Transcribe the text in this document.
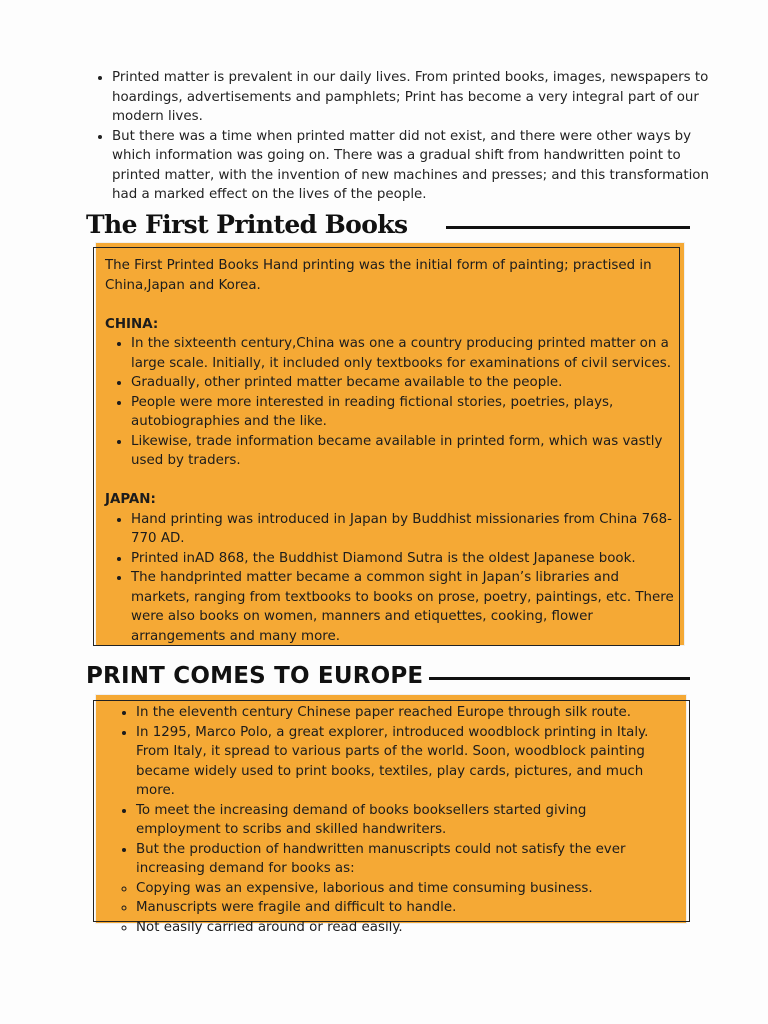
• Printed matter is prevalent in our daily lives. From printed books, images, newspapers to hoardings, advertisements and pamphlets; Print has become a very integral part of our modern lives.
• But there was a time when printed matter did not exist, and there were other ways by which information was going on. There was a gradual shift from handwritten point to printed matter, with the invention of new machines and presses; and this transformation had a marked effect on the lives of the people.
The First Printed Books

The First Printed Books Hand printing was the initial form of painting; practised in China,Japan and Korea.

CHINA:

• In the sixteenth century,China was one a country producing printed matter on a large scale. Initially, it included only textbooks for examinations of civil services.
• Gradually, other printed matter became available to the people.
• People were more interested in reading fictional stories, poetries, plays, autobiographies and the like.
• Likewise, trade information became available in printed form, which was vastly used by traders.

JAPAN:

• Hand printing was introduced in Japan by Buddhist missionaries from China 768-770 AD.
• Printed inAD 868, the Buddhist Diamond Sutra is the oldest Japanese book.
• The handprinted matter became a common sight in Japan’s libraries and markets, ranging from textbooks to books on prose, poetry, paintings, etc. There were also books on women, manners and etiquettes, cooking, flower arrangements and many more.
PRINT COMES TO EUROPE
• In the eleventh century Chinese paper reached Europe through silk route.
• In 1295, Marco Polo, a great explorer, introduced woodblock printing in Italy. From Italy, it spread to various parts of the world. Soon, woodblock painting became widely used to print books, textiles, play cards, pictures, and much more.
• To meet the increasing demand of books booksellers started giving employment to scribs and skilled handwriters.
• But the production of handwritten manuscripts could not satisfy the ever increasing demand for books as:
◦ Copying was an expensive, laborious and time consuming business.
◦ Manuscripts were fragile and difficult to handle.
◦ Not easily carried around or read easily.
